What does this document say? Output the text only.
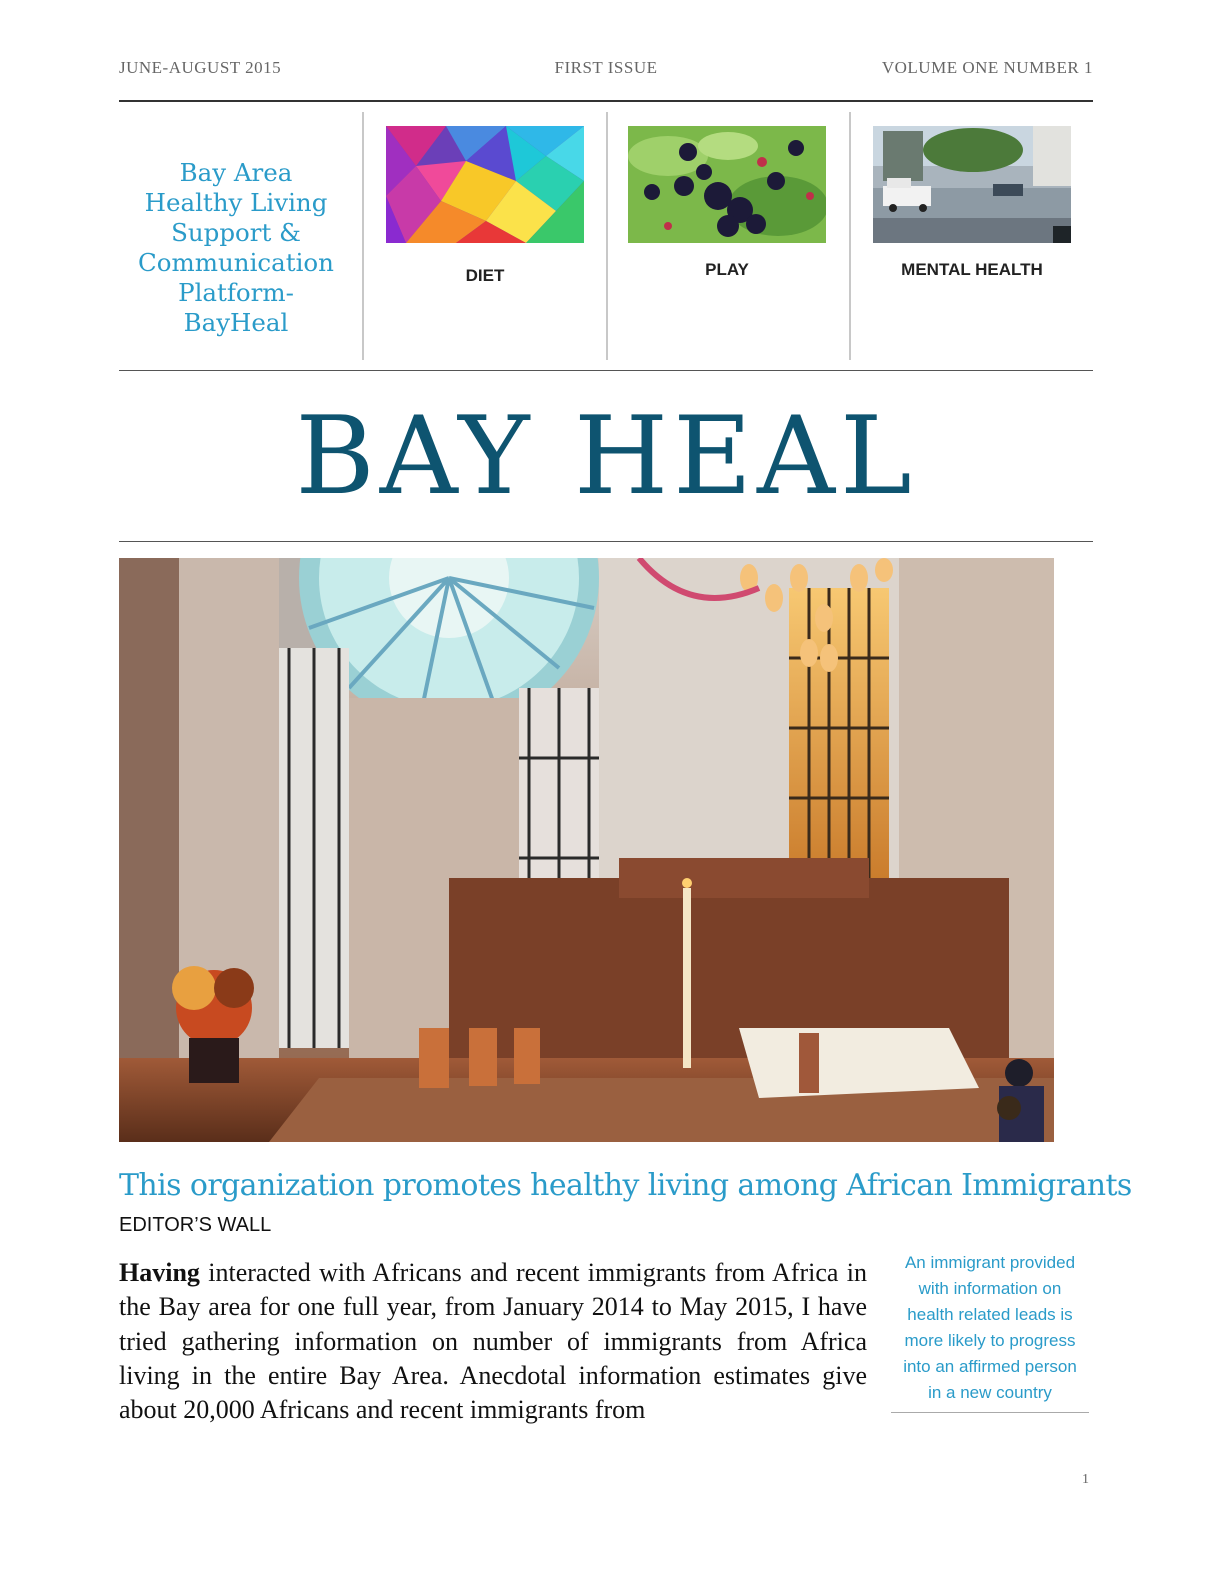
JUNE-AUGUST 2015	FIRST ISSUE	VOLUME ONE NUMBER 1
Bay Area
Healthy Living
Support &
Communication
Platform-
BayHeal
DIET	PLAY	MENTAL HEALTH
BAY HEAL
This organization promotes healthy living among African Immigrants
EDITOR’S WALL
Having interacted with Africans and recent immigrants from Africa in the Bay area for one full year, from January 2014 to May 2015, I have tried gathering information on number of immigrants from Africa living in the entire Bay Area. Anecdotal information estimates give about 20,000 Africans and recent immigrants from
An immigrant provided
with information on
health related leads is
more likely to progress
into an affirmed person
in a new country
1
